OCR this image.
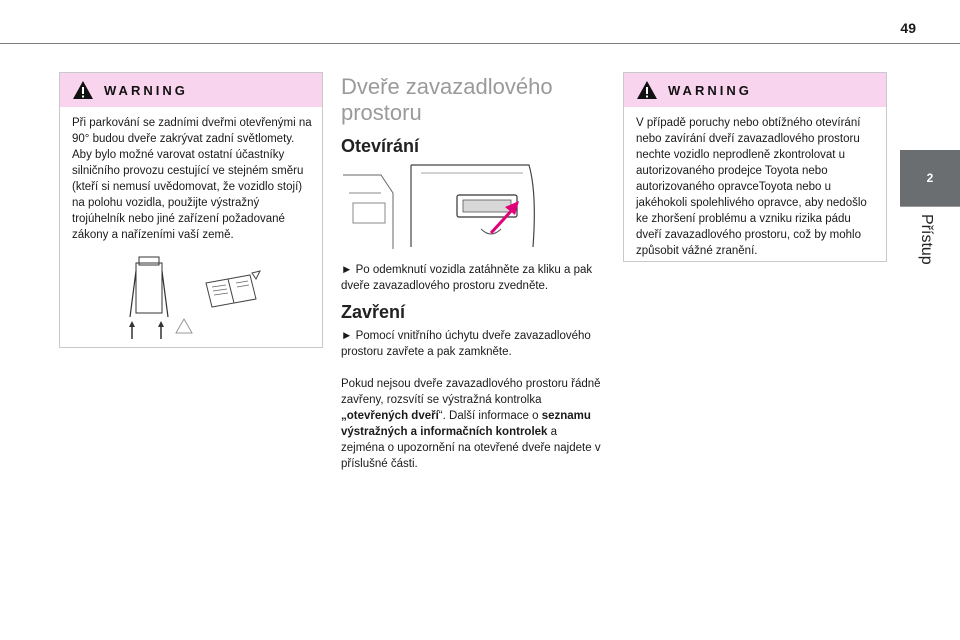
49
2
Přístup
WARNING
Při parkování se zadními dveřmi otevřenými na 90° budou dveře zakrývat zadní světlomety. Aby bylo možné varovat ostatní účastníky silničního provozu cestující ve stejném směru (kteří si nemusí uvědomovat, že vozidlo stojí) na polohu vozidla, použijte výstražný trojúhelník nebo jiné zařízení požadované zákony a nařízeními vaší země.
Dveře zavazadlového prostoru
Otevírání
► Po odemknutí vozidla zatáhněte za kliku a pak dveře zavazadlového prostoru zvedněte.
Zavření
► Pomocí vnitřního úchytu dveře zavazadlového prostoru zavřete a pak zamkněte.
Pokud nejsou dveře zavazadlového prostoru řádně zavřeny, rozsvítí se výstražná kontrolka „otevřených dveří“. Další informace o seznamu výstražných a informačních kontrolek a zejména o upozornění na otevřené dveře najdete v příslušné části.
WARNING
V případě poruchy nebo obtížného otevírání nebo zavírání dveří zavazadlového prostoru nechte vozidlo neprodleně zkontrolovat u autorizovaného prodejce Toyota nebo autorizovaného opravceToyota nebo u jakéhokoli spolehlivého opravce, aby nedošlo ke zhoršení problému a vzniku rizika pádu dveří zavazadlového prostoru, což by mohlo způsobit vážné zranění.
